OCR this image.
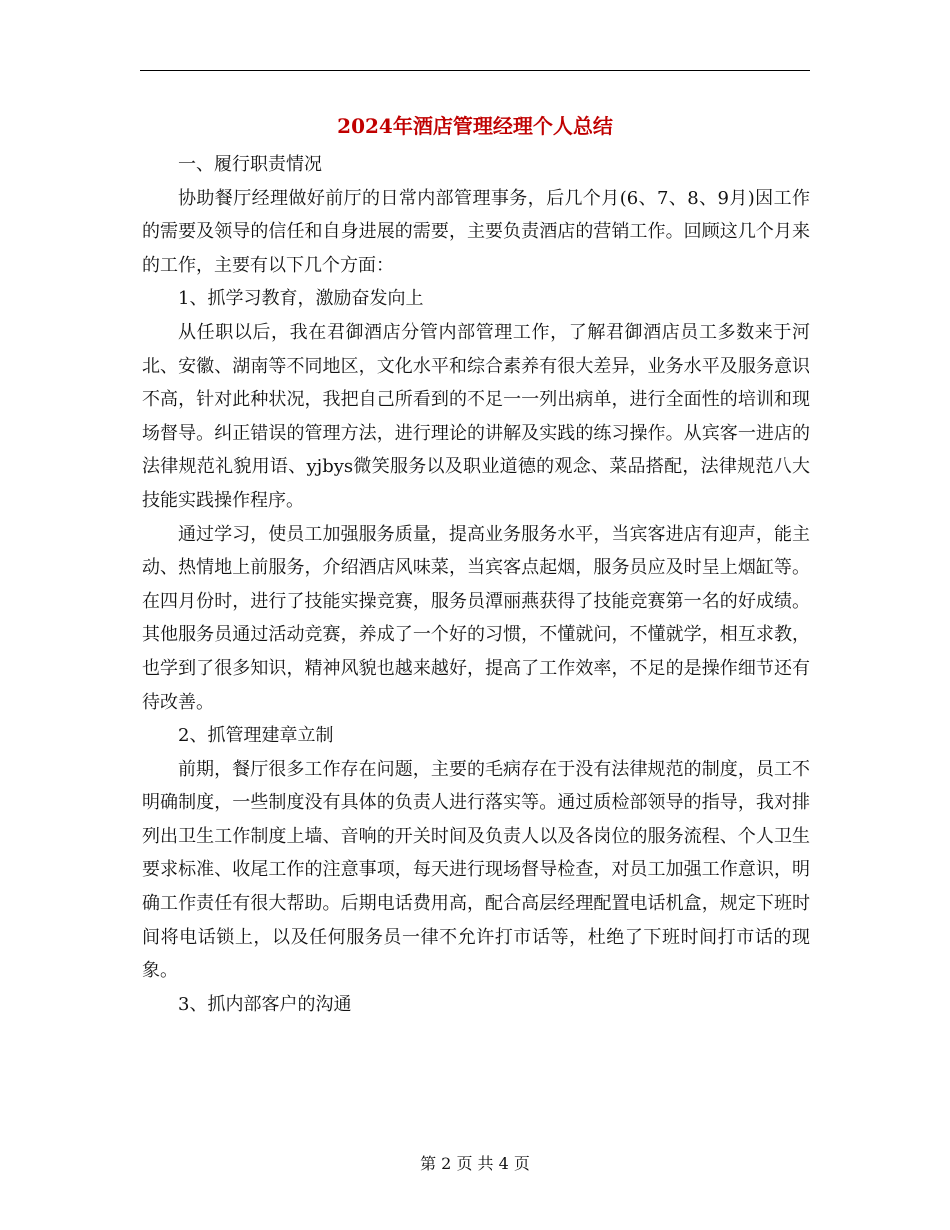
2024年酒店管理经理个人总结

一、履行职责情况

协助餐厅经理做好前厅的日常内部管理事务，后几个月(6、7、8、9月)因工作的需要及领导的信任和自身进展的需要，主要负责酒店的营销工作。回顾这几个月来的工作，主要有以下几个方面：

1、抓学习教育，激励奋发向上

从任职以后，我在君御酒店分管内部管理工作，了解君御酒店员工多数来于河北、安徽、湖南等不同地区，文化水平和综合素养有很大差异，业务水平及服务意识不高，针对此种状况，我把自己所看到的不足一一列出病单，进行全面性的培训和现场督导。纠正错误的管理方法，进行理论的讲解及实践的练习操作。从宾客一进店的法律规范礼貌用语、yjbys微笑服务以及职业道德的观念、菜品搭配，法律规范八大技能实践操作程序。

通过学习，使员工加强服务质量，提高业务服务水平，当宾客进店有迎声，能主动、热情地上前服务，介绍酒店风味菜，当宾客点起烟，服务员应及时呈上烟缸等。在四月份时，进行了技能实操竞赛，服务员潭丽燕获得了技能竞赛第一名的好成绩。其他服务员通过活动竞赛，养成了一个好的习惯，不懂就问，不懂就学，相互求教，也学到了很多知识，精神风貌也越来越好，提高了工作效率，不足的是操作细节还有待改善。

2、抓管理建章立制

前期，餐厅很多工作存在问题，主要的毛病存在于没有法律规范的制度，员工不明确制度，一些制度没有具体的负责人进行落实等。通过质检部领导的指导，我对排列出卫生工作制度上墙、音响的开关时间及负责人以及各岗位的服务流程、个人卫生要求标准、收尾工作的注意事项，每天进行现场督导检查，对员工加强工作意识，明确工作责任有很大帮助。后期电话费用高，配合高层经理配置电话机盒，规定下班时间将电话锁上，以及任何服务员一律不允许打市话等，杜绝了下班时间打市话的现象。

3、抓内部客户的沟通

第 2 页 共 4 页
